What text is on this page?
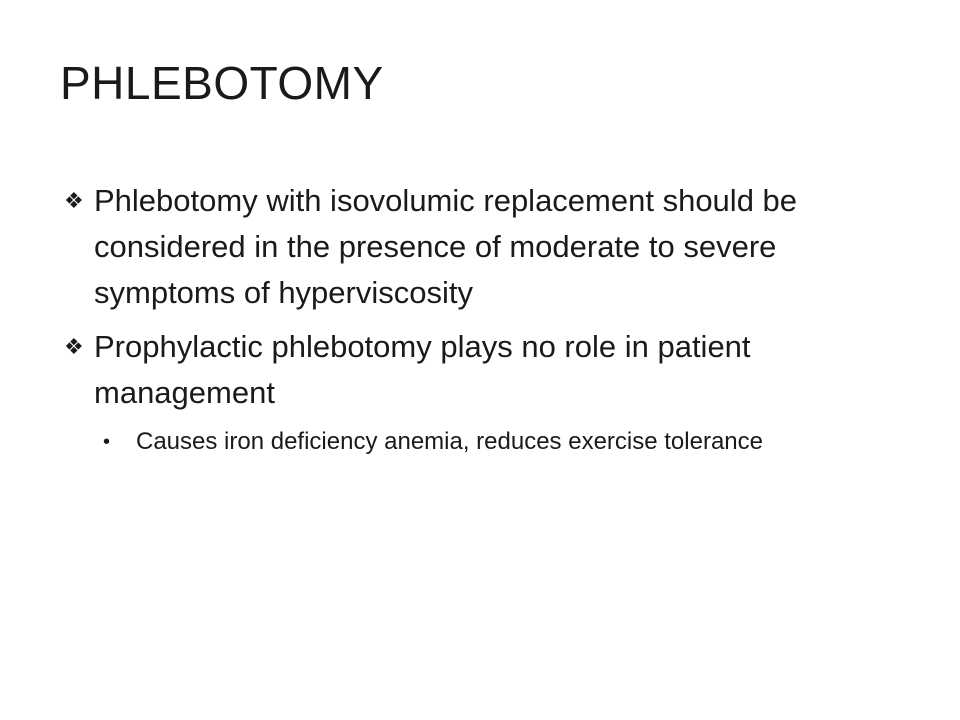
PHLEBOTOMY
❖ Phlebotomy with isovolumic replacement should be considered in the presence of moderate to severe symptoms of hyperviscosity
❖ Prophylactic phlebotomy plays no role in patient management
• Causes iron deficiency anemia, reduces exercise tolerance
